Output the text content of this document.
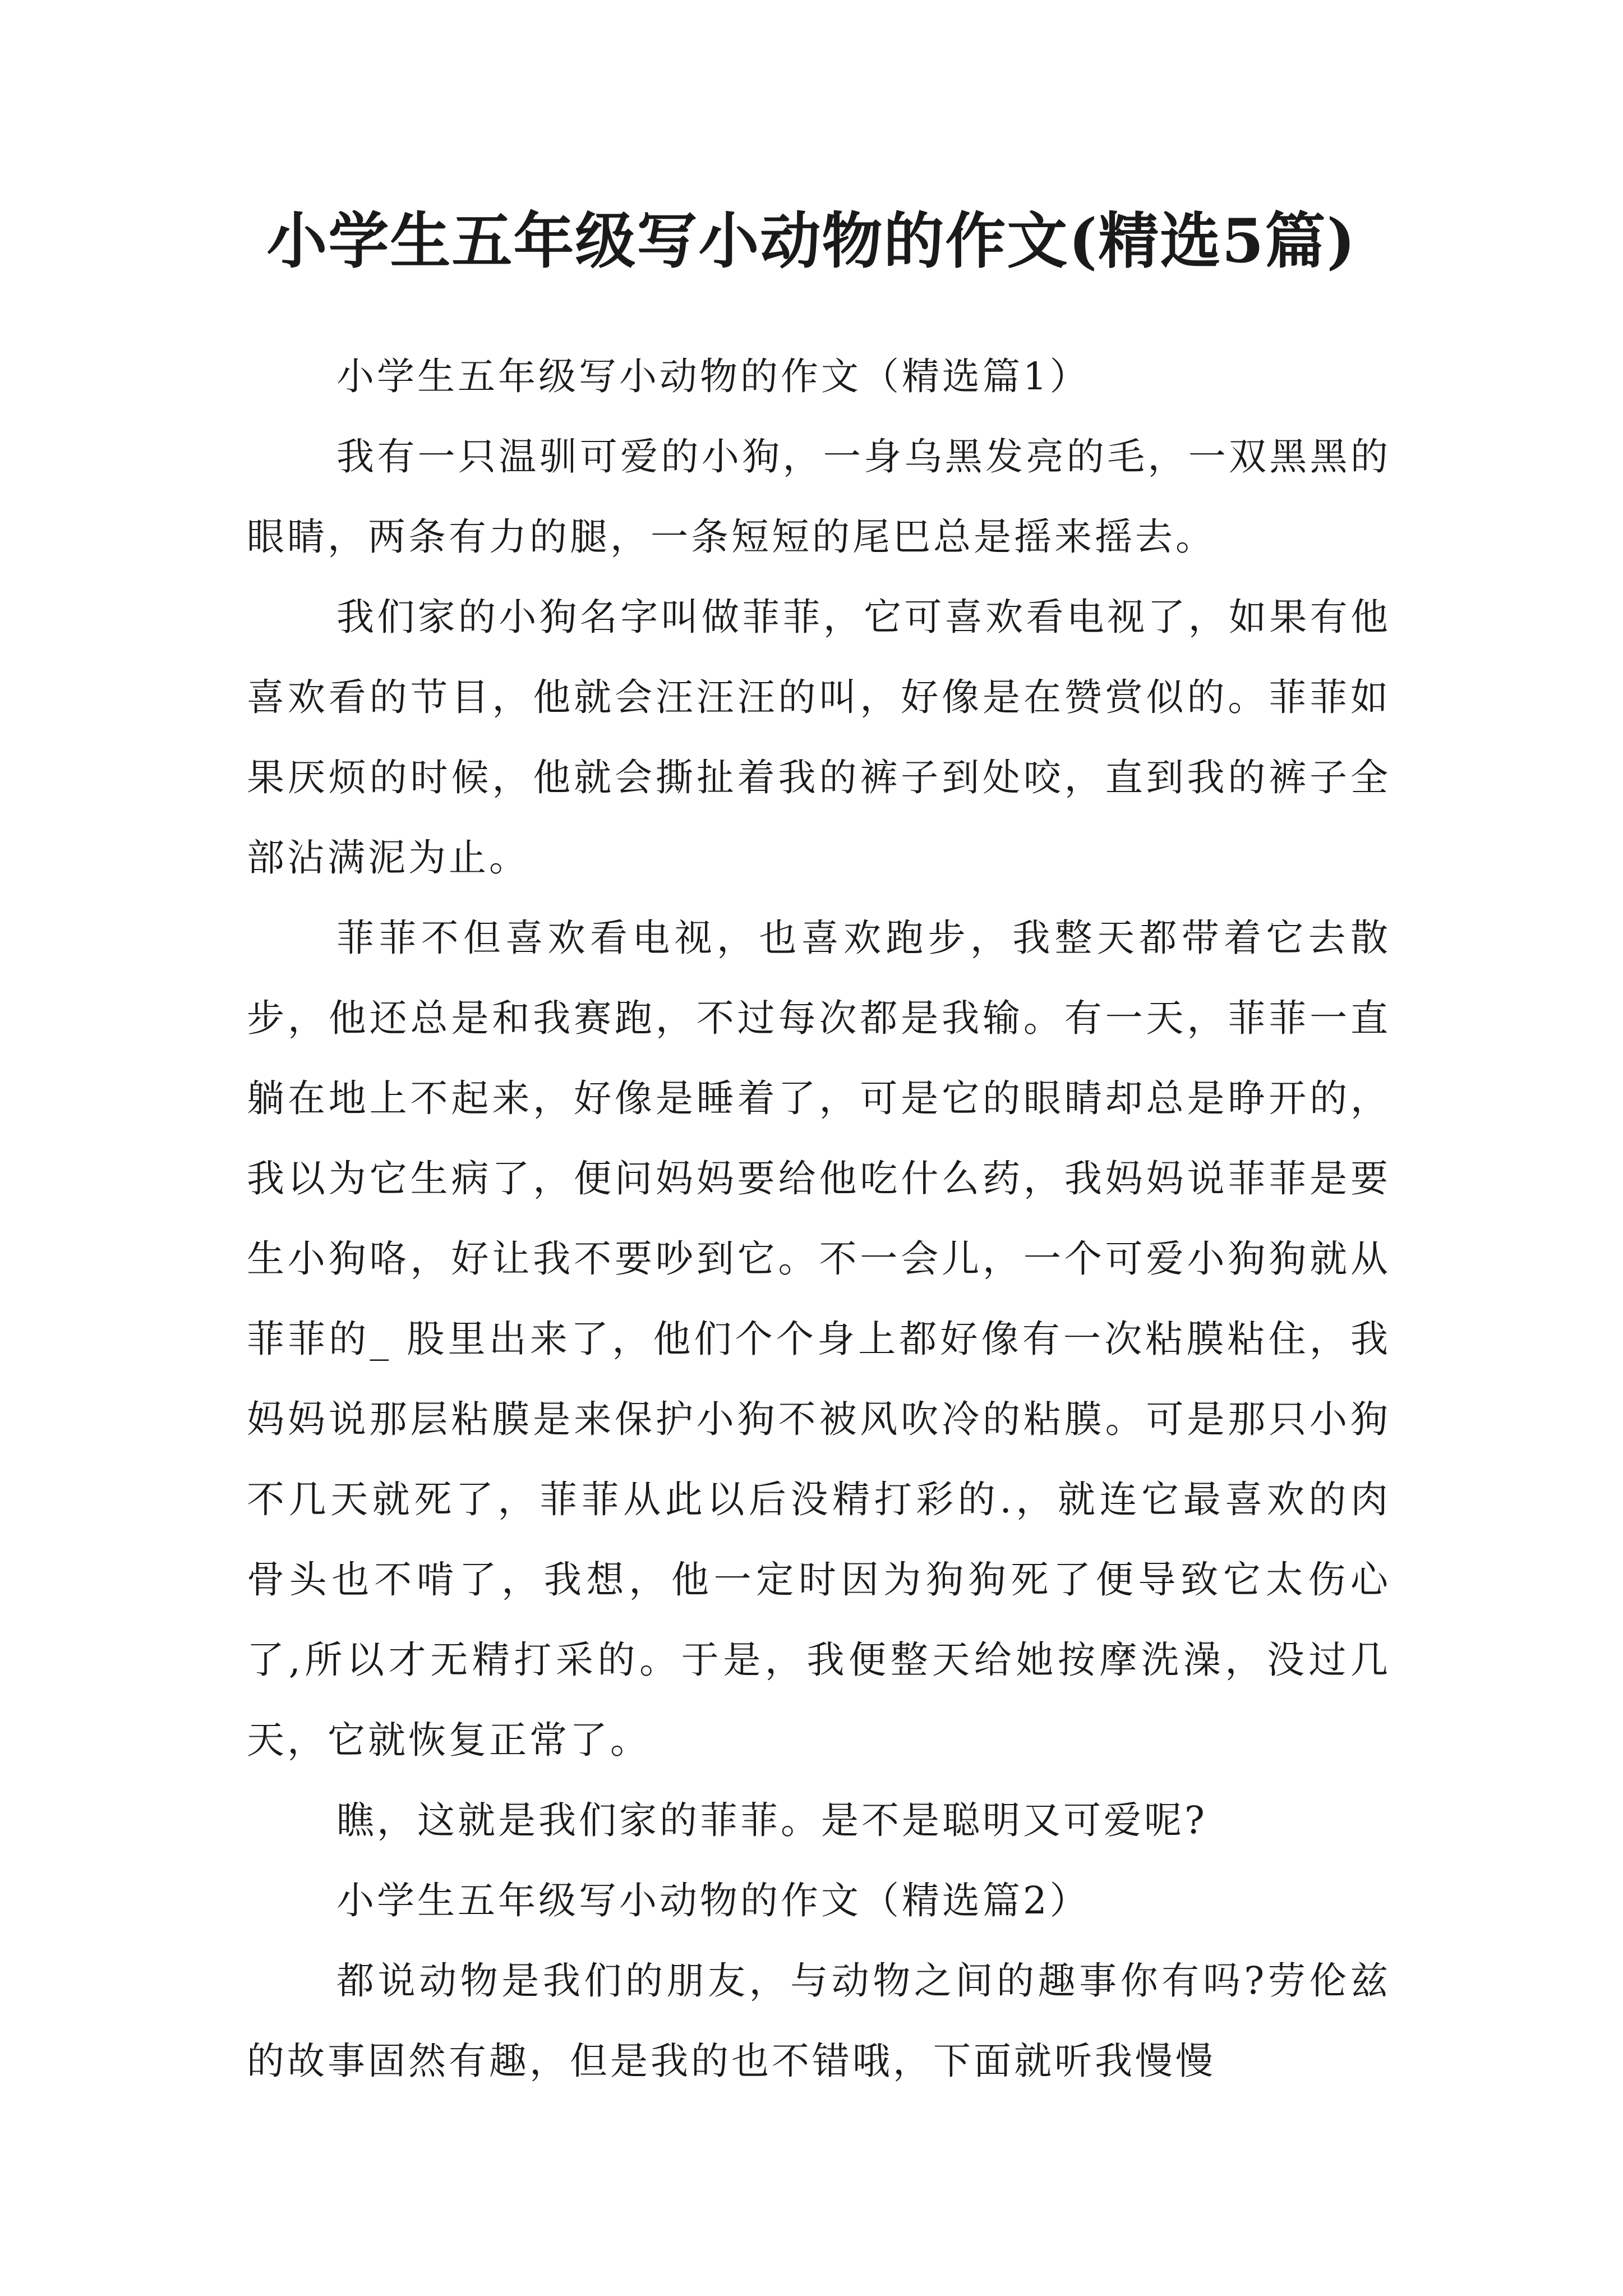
小学生五年级写小动物的作文(精选5篇)

小学生五年级写小动物的作文（精选篇1）

我有一只温驯可爱的小狗，一身乌黑发亮的毛，一双黑黑的眼睛，两条有力的腿，一条短短的尾巴总是摇来摇去。

我们家的小狗名字叫做菲菲，它可喜欢看电视了，如果有他喜欢看的节目，他就会汪汪汪的叫，好像是在赞赏似的。菲菲如果厌烦的时候，他就会撕扯着我的裤子到处咬，直到我的裤子全部沾满泥为止。

菲菲不但喜欢看电视，也喜欢跑步，我整天都带着它去散步，他还总是和我赛跑，不过每次都是我输。有一天，菲菲一直躺在地上不起来，好像是睡着了，可是它的眼睛却总是睁开的，我以为它生病了，便问妈妈要给他吃什么药，我妈妈说菲菲是要生小狗咯，好让我不要吵到它。不一会儿，一个可爱小狗狗就从菲菲的_ 股里出来了，他们个个身上都好像有一次粘膜粘住，我妈妈说那层粘膜是来保护小狗不被风吹冷的粘膜。可是那只小狗不几天就死了，菲菲从此以后没精打彩的.，就连它最喜欢的肉骨头也不啃了，我想，他一定时因为狗狗死了便导致它太伤心了,所以才无精打采的。于是，我便整天给她按摩洗澡，没过几天，它就恢复正常了。

瞧，这就是我们家的菲菲。是不是聪明又可爱呢?

小学生五年级写小动物的作文（精选篇2）

都说动物是我们的朋友，与动物之间的趣事你有吗?劳伦兹的故事固然有趣，但是我的也不错哦，下面就听我慢慢
